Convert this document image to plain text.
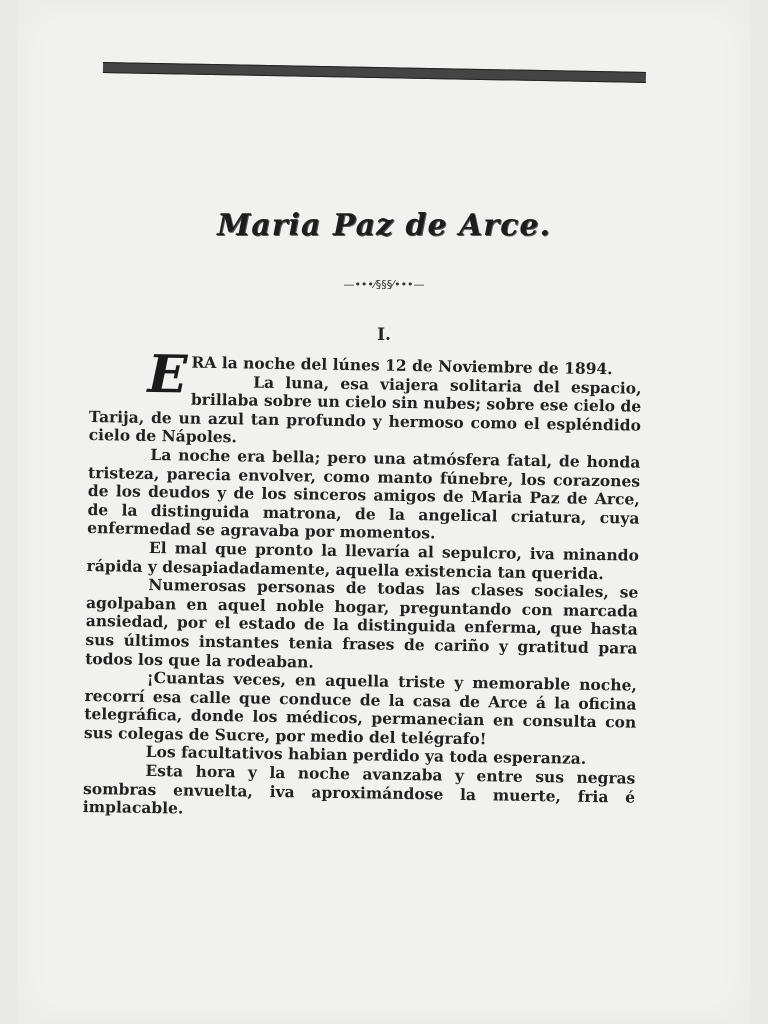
Maria Paz de Arce.
—•••⁄§§§⁄•••—
I.

ERA la noche del lúnes 12 de Noviembre de 1894.

La luna, esa viajera solitaria del espacio, brillaba sobre un cielo sin nubes; sobre ese cielo de Tarija, de un azul tan profundo y hermoso como el espléndido cielo de Nápoles.

La noche era bella; pero una atmósfera fatal, de honda tristeza, parecia envolver, como manto fúnebre, los corazones de los deudos y de los sinceros amigos de Maria Paz de Arce, de la distinguida matrona, de la angelical criatura, cuya enfermedad se agravaba por momentos.

El mal que pronto la llevaría al sepulcro, iva minando rápida y desapiadadamente, aquella existencia tan querida.

Numerosas personas de todas las clases sociales, se agolpaban en aquel noble hogar, preguntando con marcada ansiedad, por el estado de la distinguida enferma, que hasta sus últimos instantes tenia frases de cariño y gratitud para todos los que la rodeaban.

¡Cuantas veces, en aquella triste y memorable noche, recorrí esa calle que conduce de la casa de Arce á la oficina telegráfica, donde los médicos, permanecian en consulta con sus colegas de Sucre, por medio del telégrafo!

Los facultativos habian perdido ya toda esperanza.

Esta hora y la noche avanzaba y entre sus negras sombras envuelta, iva aproximándose la muerte, fria é implacable.
